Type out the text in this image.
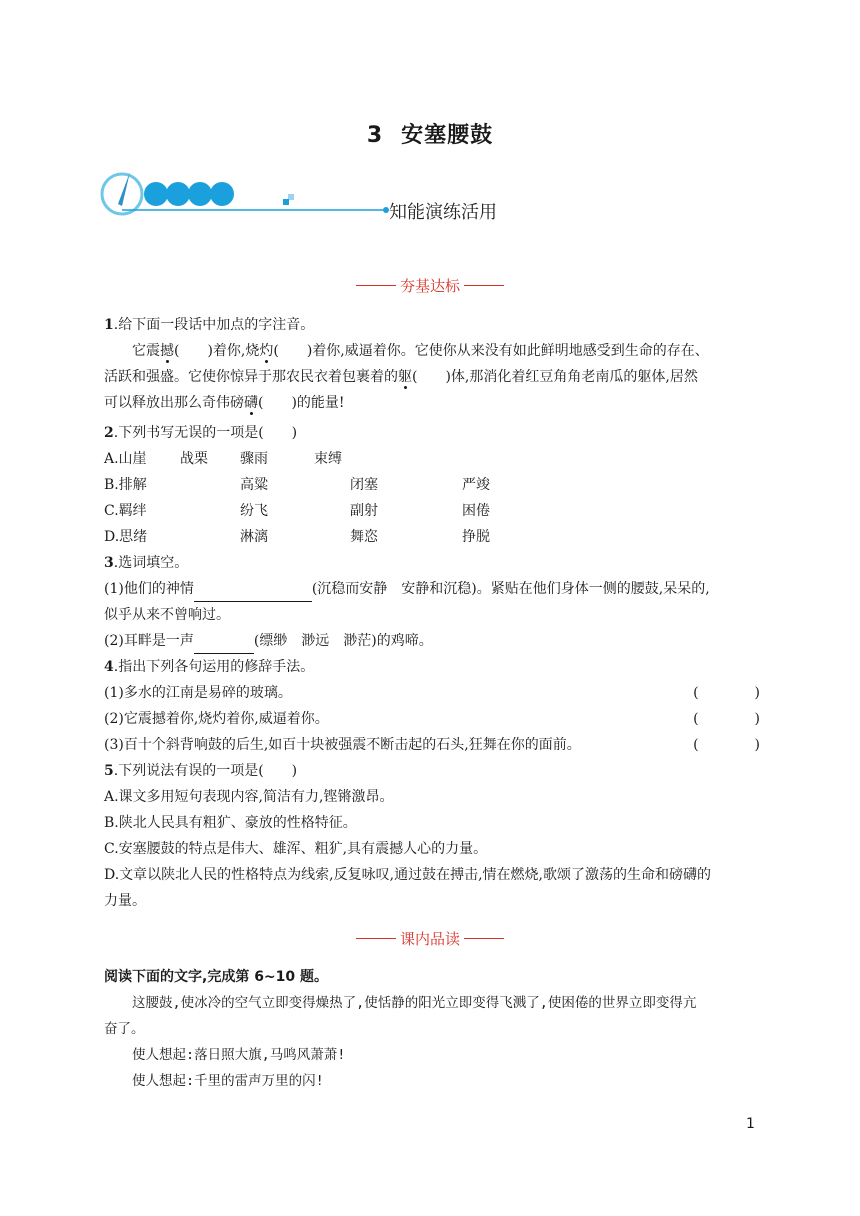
3 安塞腰鼓
知能演练活用
夯基达标
1.给下面一段话中加点的字注音。
它震撼(　　)着你,烧灼(　　)着你,威逼着你。它使你从来没有如此鲜明地感受到生命的存在、
活跃和强盛。它使你惊异于那农民衣着包裹着的躯(　　)体,那消化着红豆角角老南瓜的躯体,居然
可以释放出那么奇伟磅礴(　　)的能量!
2.下列书写无误的一项是(　　)
A.山崖 战栗 骤雨	束缚
B.排解	高粱	闭塞	严竣
C.羁绊	纷飞	副射	困倦
D.思绪	淋漓	舞恣	挣脱
3.选词填空。
(1)他们的神情	(沉稳而安静　安静和沉稳)。紧贴在他们身体一侧的腰鼓,呆呆的,
似乎从来不曾响过。
(2)耳畔是一声	(缥缈　渺远　渺茫)的鸡啼。
4.指出下列各句运用的修辞手法。
(1)多水的江南是易碎的玻璃。	(　　　　)
(2)它震撼着你,烧灼着你,威逼着你。	(　　　　)
(3)百十个斜背响鼓的后生,如百十块被强震不断击起的石头,狂舞在你的面前。	(　　　　)
5.下列说法有误的一项是(　　)
A.课文多用短句表现内容,简洁有力,铿锵激昂。
B.陕北人民具有粗犷、豪放的性格特征。
C.安塞腰鼓的特点是伟大、雄浑、粗犷,具有震撼人心的力量。
D.文章以陕北人民的性格特点为线索,反复咏叹,通过鼓在搏击,情在燃烧,歌颂了激荡的生命和磅礴的
力量。
课内品读
阅读下面的文字,完成第 6~10 题。
这腰鼓,使冰冷的空气立即变得燥热了,使恬静的阳光立即变得飞溅了,使困倦的世界立即变得亢
奋了。
使人想起:落日照大旗,马鸣风萧萧!
使人想起:千里的雷声万里的闪!
1
